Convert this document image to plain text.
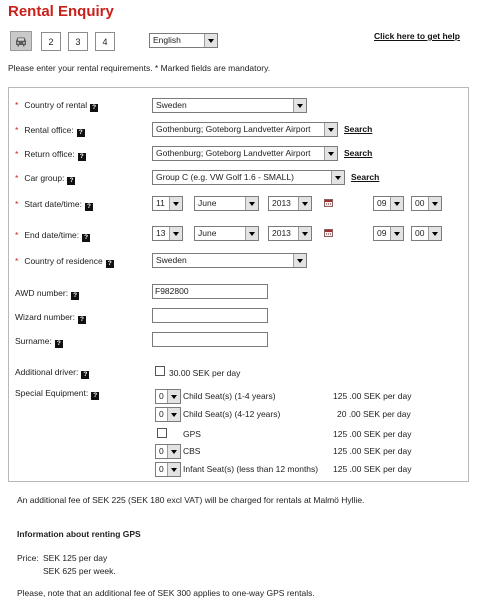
Rental Enquiry
2	3	4	English	Click here to get help
Please enter your rental requirements. * Marked fields are mandatory.
* Country of rental ?	Sweden
* Rental office: ?	Gothenburg; Goteborg Landvetter Airport	Search
* Return office: ?	Gothenburg; Goteborg Landvetter Airport	Search
* Car group: ?	Group C (e.g. VW Golf 1.6 - SMALL)	Search
* Start date/time: ?	11	June	2013	09	00
* End date/time: ?	13	June	2013	09	00
* Country of residence ?	Sweden
AWD number: ?	F982800
Wizard number: ?
Surname: ?
Additional driver: ?	30.00 SEK per day
Special Equipment: ?	0	Child Seat(s) (1-4 years)	125 .00 SEK per day
0	Child Seat(s) (4-12 years)	20 .00 SEK per day
GPS	125 .00 SEK per day
0	CBS	125 .00 SEK per day
0	Infant Seat(s) (less than 12 months) 125 .00 SEK per day
An additional fee of SEK 225 (SEK 180 excl VAT) will be charged for rentals at Malmö Hyllie.
Information about renting GPS
Price: SEK 125 per day
SEK 625 per week.
Please, note that an additional fee of SEK 300 applies to one-way GPS rentals.
